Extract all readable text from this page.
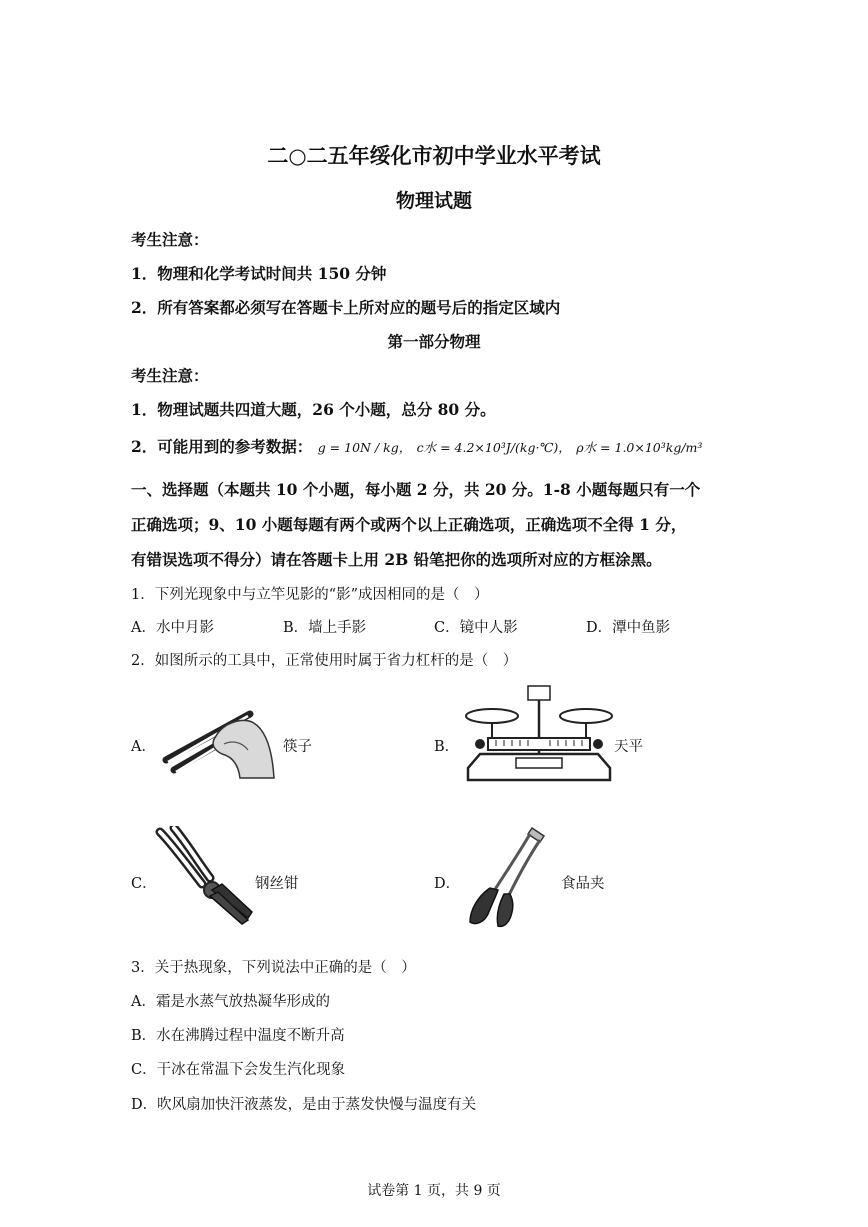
二○二五年绥化市初中学业水平考试
物理试题
考生注意：
1．物理和化学考试时间共 150 分钟
2．所有答案都必须写在答题卡上所对应的题号后的指定区域内
第一部分物理
考生注意：
1．物理试题共四道大题，26 个小题，总分 80 分。
2．可能用到的参考数据： g = 10N / kg， c水 = 4.2×10³J/(kg·℃)， ρ水 = 1.0×10³kg/m³
一、选择题（本题共 10 个小题，每小题 2 分，共 20 分。1-8 小题每题只有一个
正确选项；9、10 小题每题有两个或两个以上正确选项，正确选项不全得 1 分，
有错误选项不得分）请在答题卡上用 2B 铅笔把你的选项所对应的方框涂黑。
1．下列光现象中与立竿见影的“影”成因相同的是（　）
A．水中月影	B．墙上手影	C．镜中人影	D．潭中鱼影
2．如图所示的工具中，正常使用时属于省力杠杆的是（　）
A．	筷子	B．	天平
C．	钢丝钳	D．	食品夹
3．关于热现象，下列说法中正确的是（　）
A．霜是水蒸气放热凝华形成的
B．水在沸腾过程中温度不断升高
C．干冰在常温下会发生汽化现象
D．吹风扇加快汗液蒸发，是由于蒸发快慢与温度有关
试卷第 1 页，共 9 页
